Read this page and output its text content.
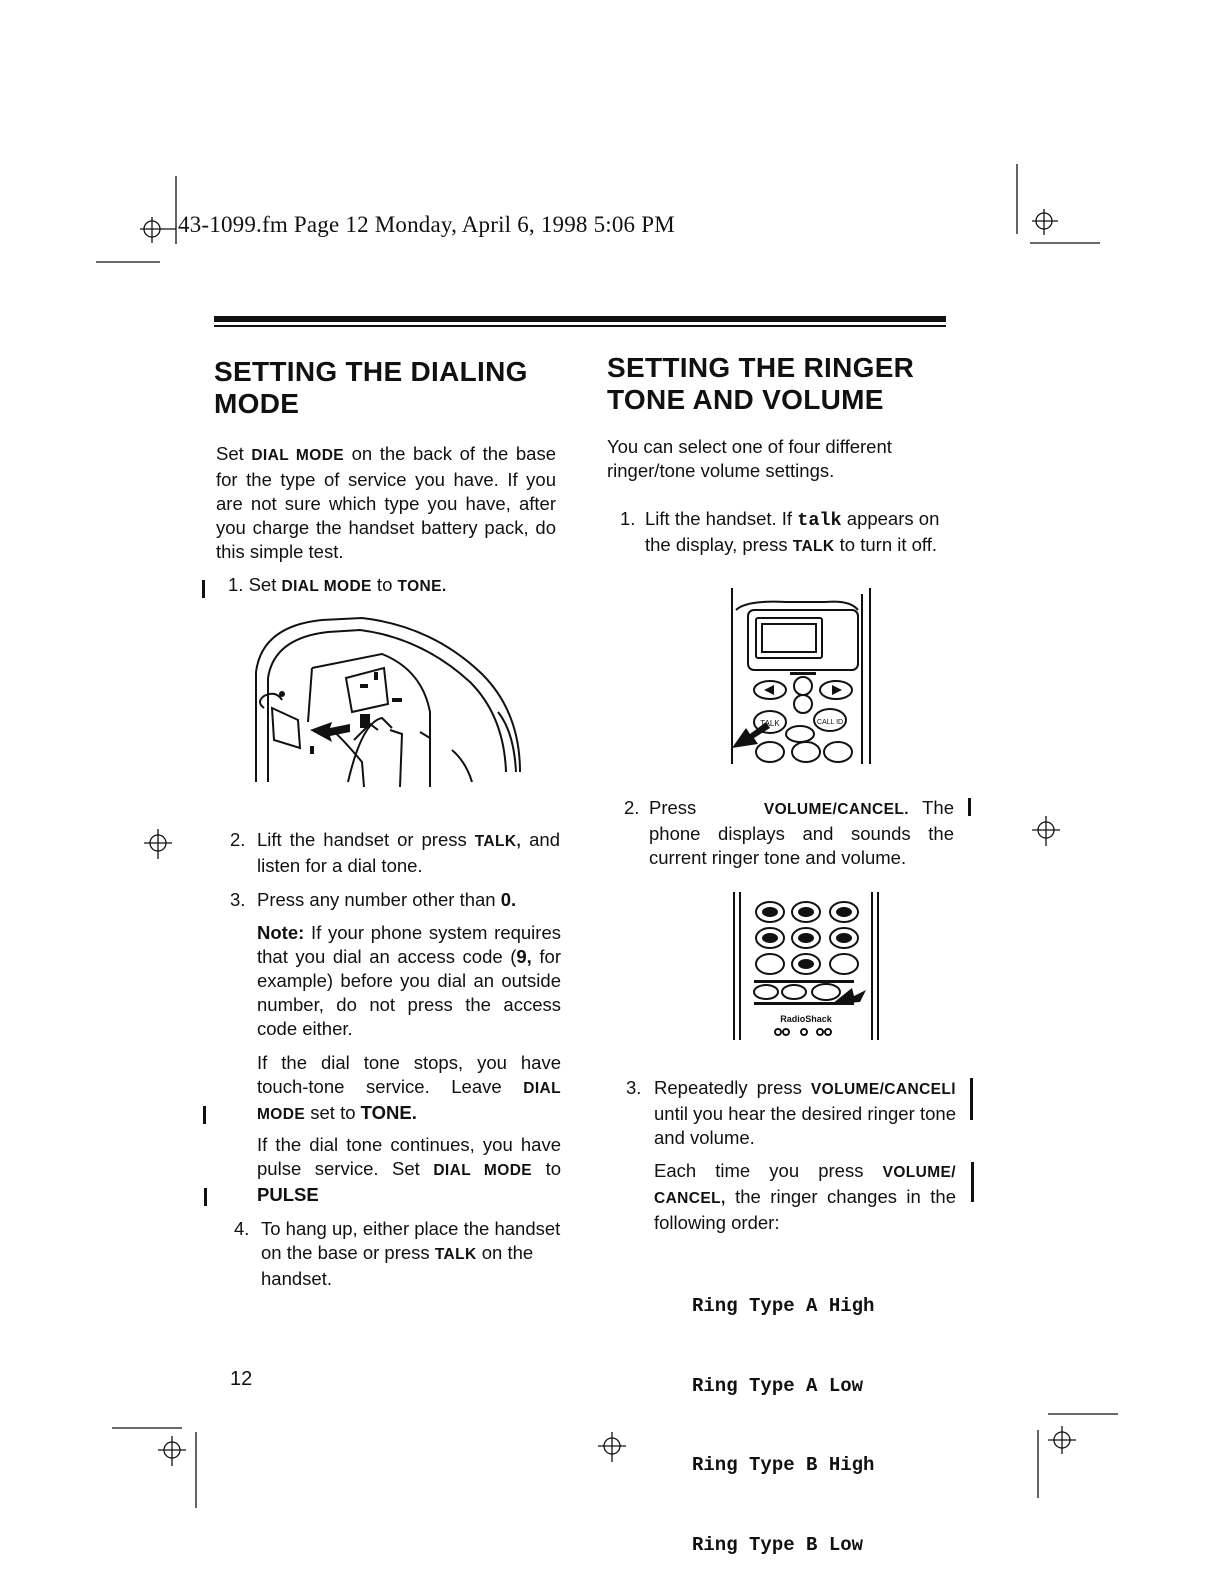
43-1099.fm Page 12 Monday, April 6, 1998 5:06 PM
SETTING THE DIALING
MODE

Set DIAL MODE on the back of the base for the type of service you have. If you are not sure which type you have, after you charge the handset battery pack, do this simple test.

1. Set DIAL MODE to TONE.
2. Lift the handset or press TALK, and listen for a dial tone.

3. Press any number other than 0.

Note: If your phone system requires that you dial an access code (9, for example) before you dial an outside number, do not press the access code either.

If the dial tone stops, you have touch-tone service. Leave DIAL MODE set to TONE.

If the dial tone continues, you have pulse service. Set DIAL MODE to PULSE

4. To hang up, either place the handset on the base or press TALK on the handset.

SETTING THE RINGER
TONE AND VOLUME

You can select one of four different ringer/tone volume settings.

1. Lift the handset. If talk appears on the display, press TALK to turn it off.

TALK	CALL ID
2. Press	VOLUME/CANCEL. The phone displays and sounds the current ringer tone and volume.

RadioShack
3. Repeatedly press VOLUME/CANCELl until you hear the desired ringer tone and volume.

Each time you press VOLUME/ CANCEL, the ringer changes in the following order:

Ring Type A High

Ring Type A Low

Ring Type B High

Ring Type B Low

12
